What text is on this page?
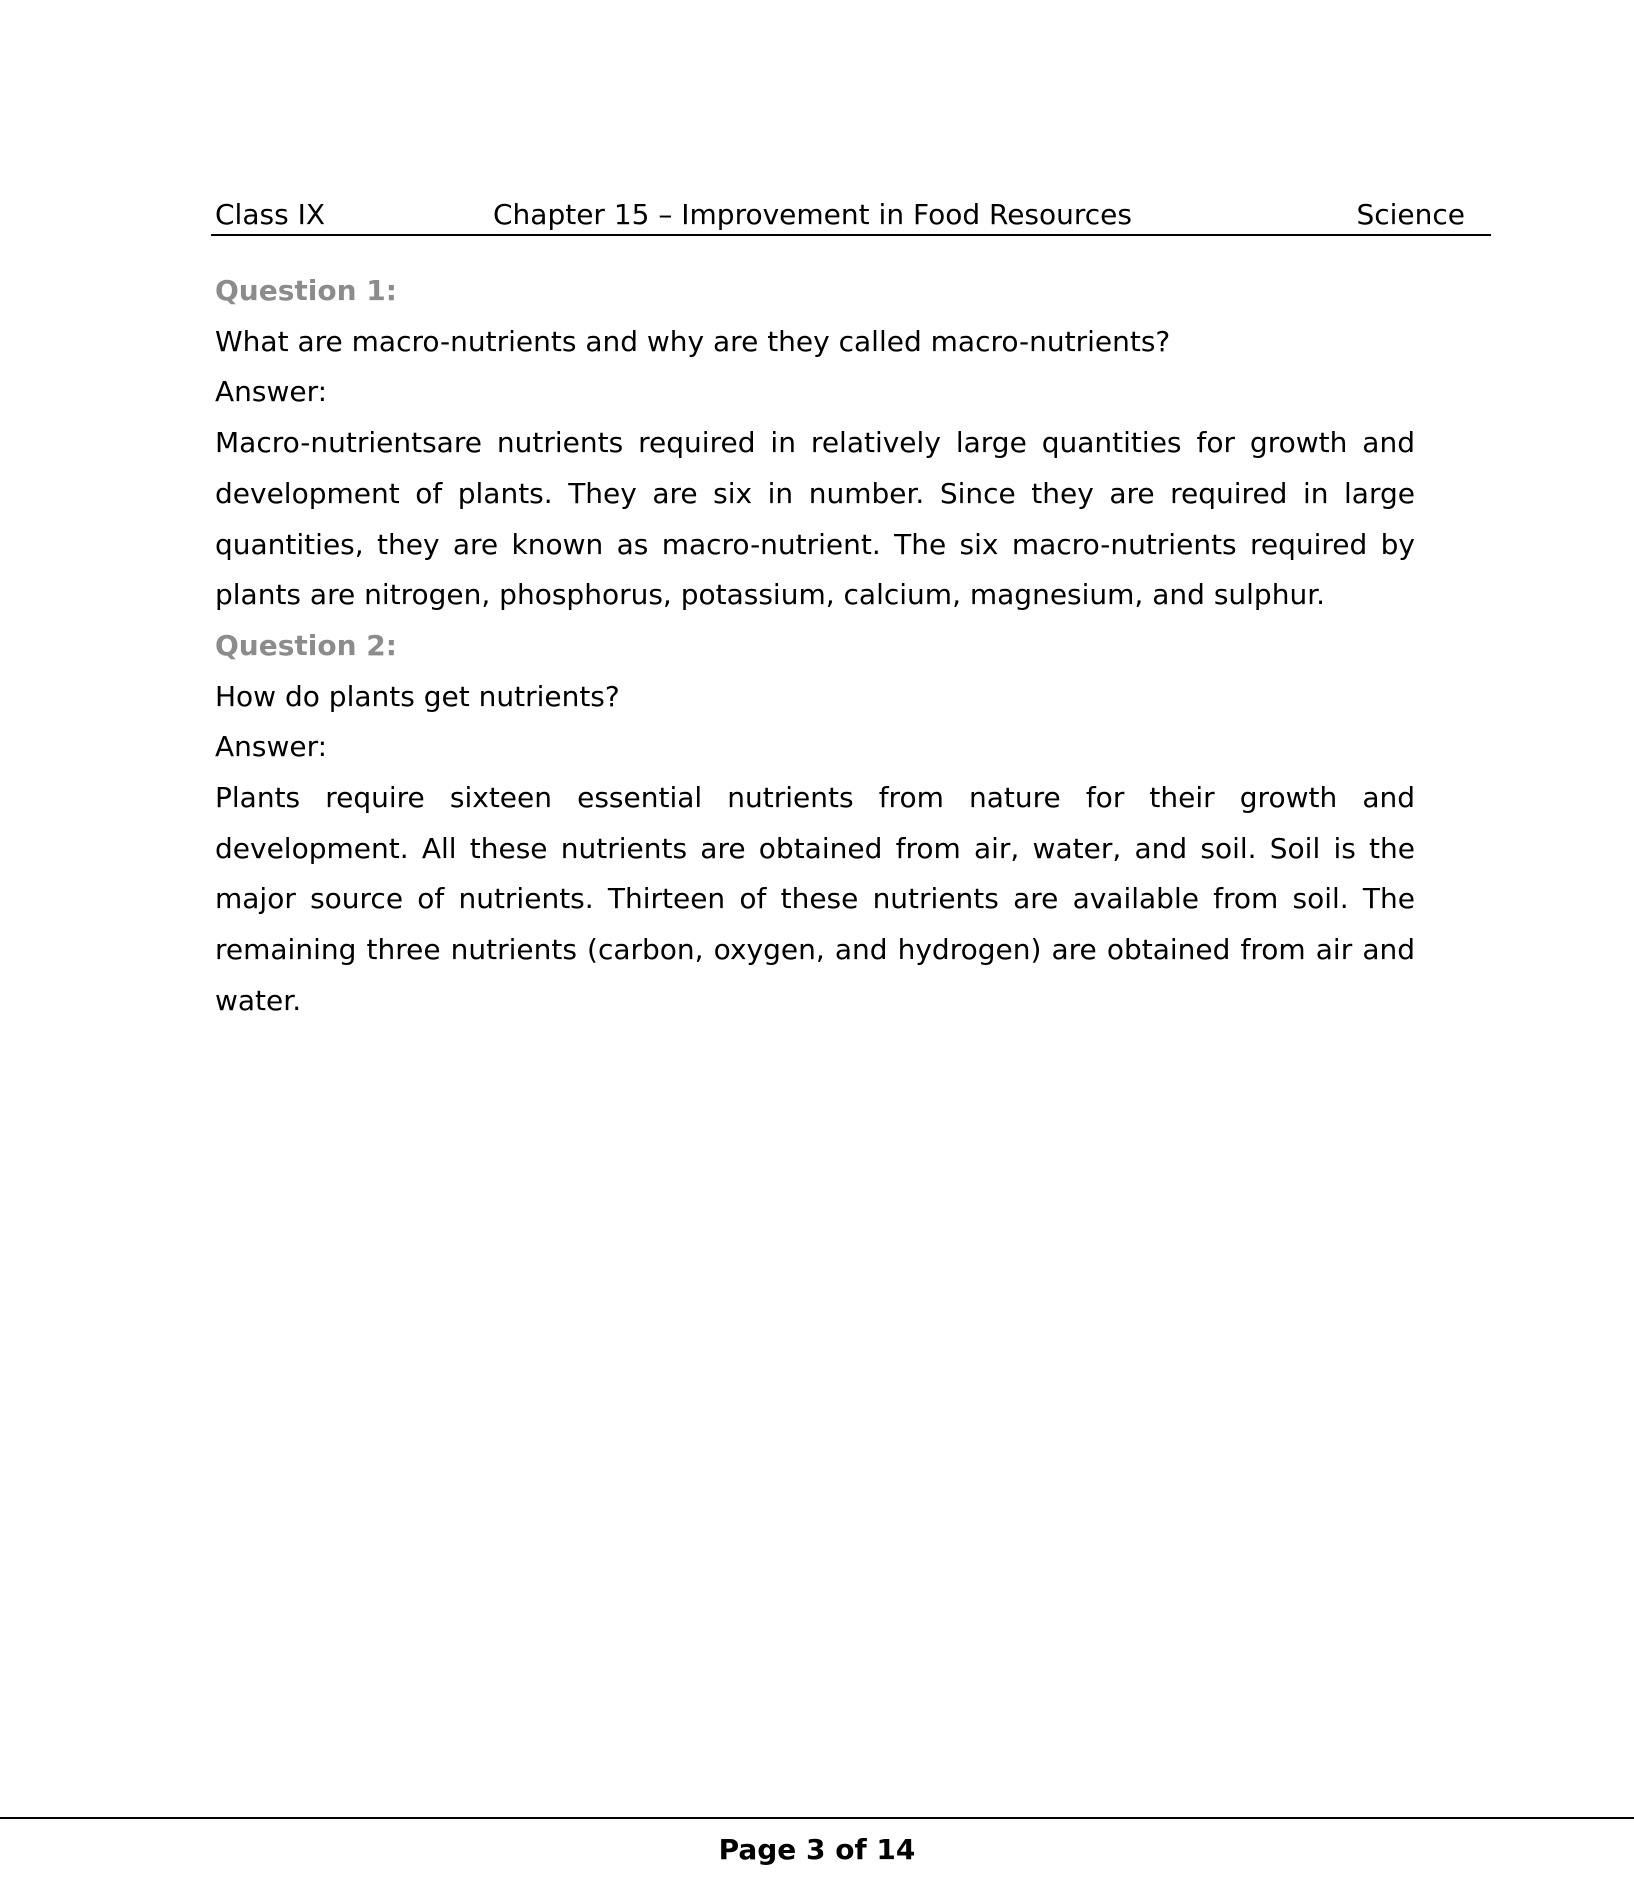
Class IX	Chapter 15 – Improvement in Food Resources	Science
Question 1:
What are macro-nutrients and why are they called macro-nutrients?
Answer:
Macro-nutrientsare nutrients required in relatively large quantities for growth and development of plants. They are six in number. Since they are required in large quantities, they are known as macro-nutrient. The six macro-nutrients required by plants are nitrogen, phosphorus, potassium, calcium, magnesium, and sulphur.
Question 2:
How do plants get nutrients?
Answer:
Plants require sixteen essential nutrients from nature for their growth and development. All these nutrients are obtained from air, water, and soil. Soil is the major source of nutrients. Thirteen of these nutrients are available from soil. The remaining three nutrients (carbon, oxygen, and hydrogen) are obtained from air and water.
Page 3 of 14
